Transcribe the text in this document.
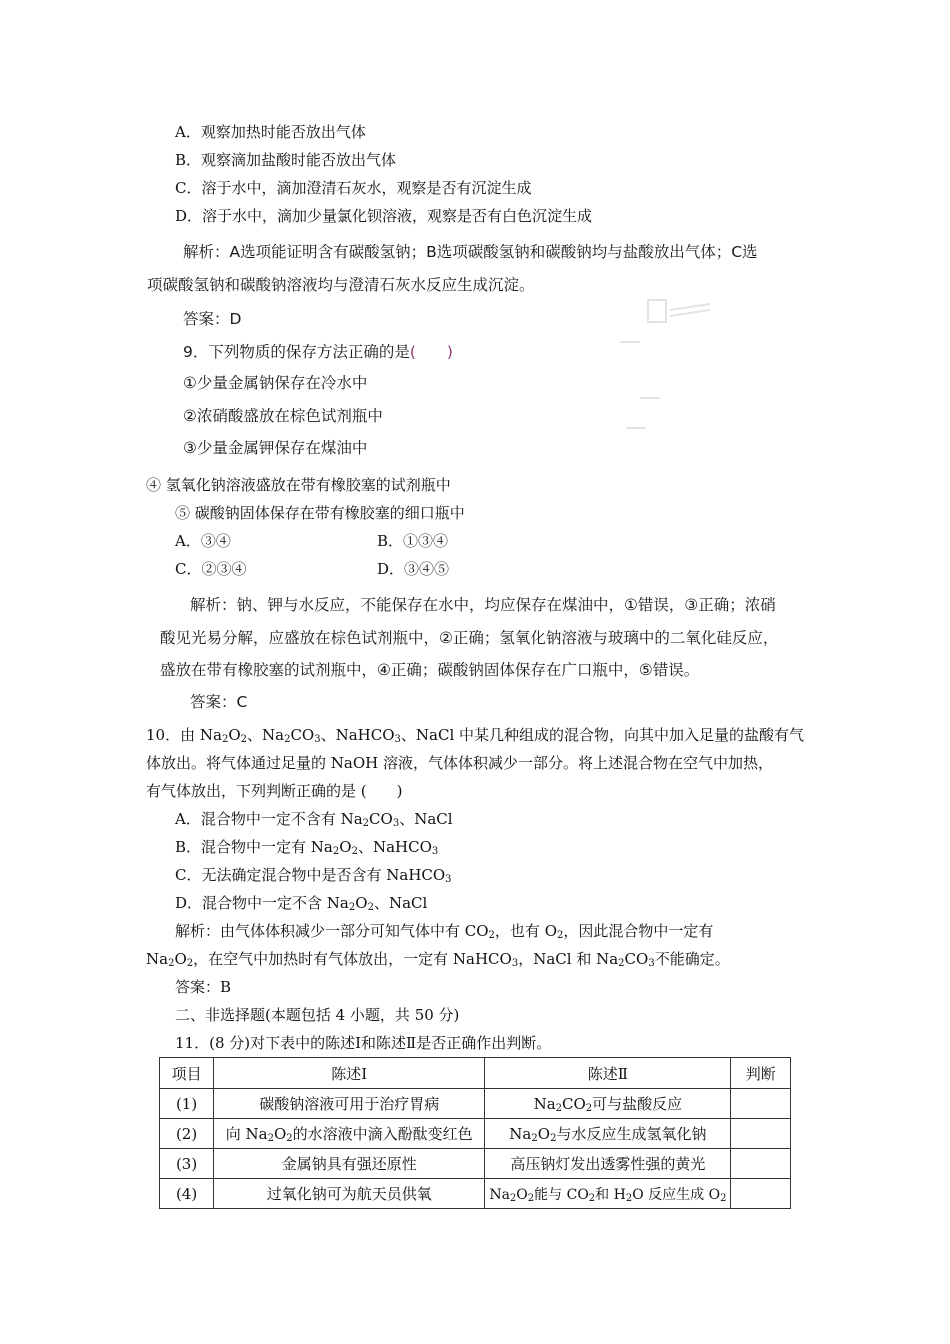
A．观察加热时能否放出气体
B．观察滴加盐酸时能否放出气体
C．溶于水中，滴加澄清石灰水，观察是否有沉淀生成
D．溶于水中，滴加少量氯化钡溶液，观察是否有白色沉淀生成
解析：A选项能证明含有碳酸氢钠；B选项碳酸氢钠和碳酸钠均与盐酸放出气体；C选
项碳酸氢钠和碳酸钠溶液均与澄清石灰水反应生成沉淀。
答案：D
9．下列物质的保存方法正确的是(　　)
①少量金属钠保存在冷水中
②浓硝酸盛放在棕色试剂瓶中
③少量金属钾保存在煤油中
④ 氢氧化钠溶液盛放在带有橡胶塞的试剂瓶中
⑤ 碳酸钠固体保存在带有橡胶塞的细口瓶中
A．③④	B．①③④
C．②③④	D．③④⑤
解析：钠、钾与水反应，不能保存在水中，均应保存在煤油中，①错误，③正确；浓硝
酸见光易分解，应盛放在棕色试剂瓶中，②正确；氢氧化钠溶液与玻璃中的二氧化硅反应，
盛放在带有橡胶塞的试剂瓶中，④正确；碳酸钠固体保存在广口瓶中，⑤错误。
答案：C
10．由 $Na_2O_2$、$Na_2CO_3$、NaHCO$_3$、NaCl 中某几种组成的混合物，向其中加入足量的盐酸有气
体放出。将气体通过足量的 NaOH 溶液，气体体积减少一部分。将上述混合物在空气中加热，
有气体放出，下列判断正确的是 (　　)
A．混合物中一定不含有 $Na_2CO_3$、NaCl
B．混合物中一定有 $Na_2O_2$、NaHCO$_3$
C．无法确定混合物中是否含有 NaHCO$_3$
D．混合物中一定不含 $Na_2O_2$、NaCl
解析：由气体体积减少一部分可知气体中有 $CO_2$，也有 $O_2$，因此混合物中一定有
$Na_2O_2$，在空气中加热时有气体放出，一定有 NaHCO$_3$，NaCl 和 $Na_2CO_3$不能确定。
答案：B
二、非选择题(本题包括 4 小题，共 50 分)
11．(8 分)对下表中的陈述Ⅰ和陈述Ⅱ是否正确作出判断。
项目	陈述Ⅰ	陈述Ⅱ	判断
(1)	碳酸钠溶液可用于治疗胃病	$Na_2CO_2$可与盐酸反应	
(2)	向 $Na_2O_2$的水溶液中滴入酚酞变红色	$Na_2O_2$与水反应生成氢氧化钠	
(3)	金属钠具有强还原性	高压钠灯发出透雾性强的黄光	
(4)	过氧化钠可为航天员供氧	$Na_2O_2$能与 $CO_2$和 $H_2O$ 反应生成 $O_2$	
